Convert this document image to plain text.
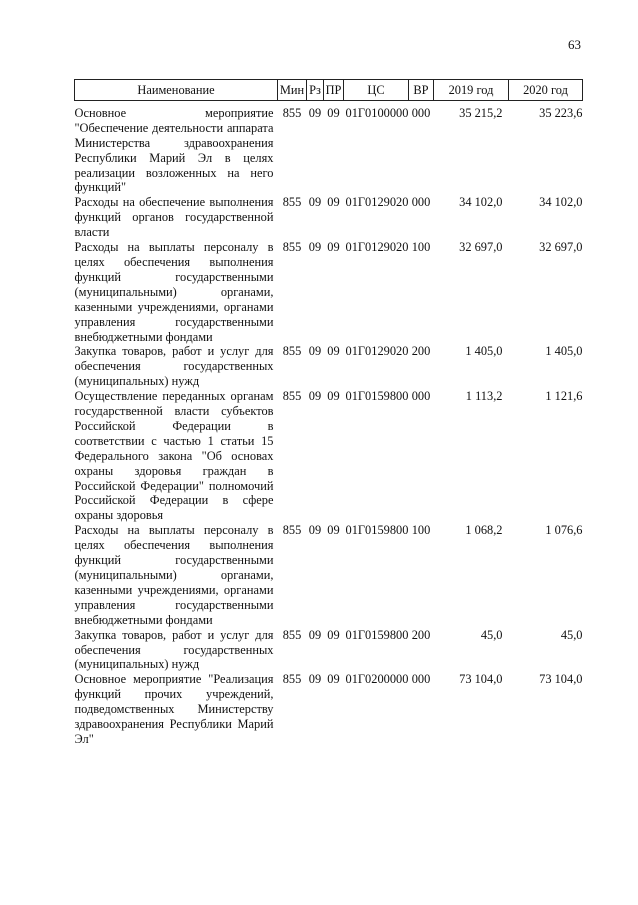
63
Наименование	Мин	Рз	ПР	ЦС	ВР	2019 год	2020 год
Основное мероприятие "Обеспечение деятельности аппарата Министерства здравоохранения Республики Марий Эл в целях реализации возложенных на него функций"	855	09	09	01Г0100000	000	35 215,2	35 223,6
Расходы на обеспечение выполнения функций органов государственной власти	855	09	09	01Г0129020	000	34 102,0	34 102,0
Расходы на выплаты персоналу в целях обеспечения выполнения функций государственными (муниципальными) органами, казенными учреждениями, органами управления государственными внебюджетными фондами	855	09	09	01Г0129020	100	32 697,0	32 697,0
Закупка товаров, работ и услуг для обеспечения государственных (муниципальных) нужд	855	09	09	01Г0129020	200	1 405,0	1 405,0
Осуществление переданных органам государственной власти субъектов Российской Федерации в соответствии с частью 1 статьи 15 Федерального закона "Об основах охраны здоровья граждан в Российской Федерации" полномочий Российской Федерации в сфере охраны здоровья	855	09	09	01Г0159800	000	1 113,2	1 121,6
Расходы на выплаты персоналу в целях обеспечения выполнения функций государственными (муниципальными) органами, казенными учреждениями, органами управления государственными внебюджетными фондами	855	09	09	01Г0159800	100	1 068,2	1 076,6
Закупка товаров, работ и услуг для обеспечения государственных (муниципальных) нужд	855	09	09	01Г0159800	200	45,0	45,0
Основное мероприятие "Реализация функций прочих учреждений, подведомственных Министерству здравоохранения Республики Марий Эл"	855	09	09	01Г0200000	000	73 104,0	73 104,0
